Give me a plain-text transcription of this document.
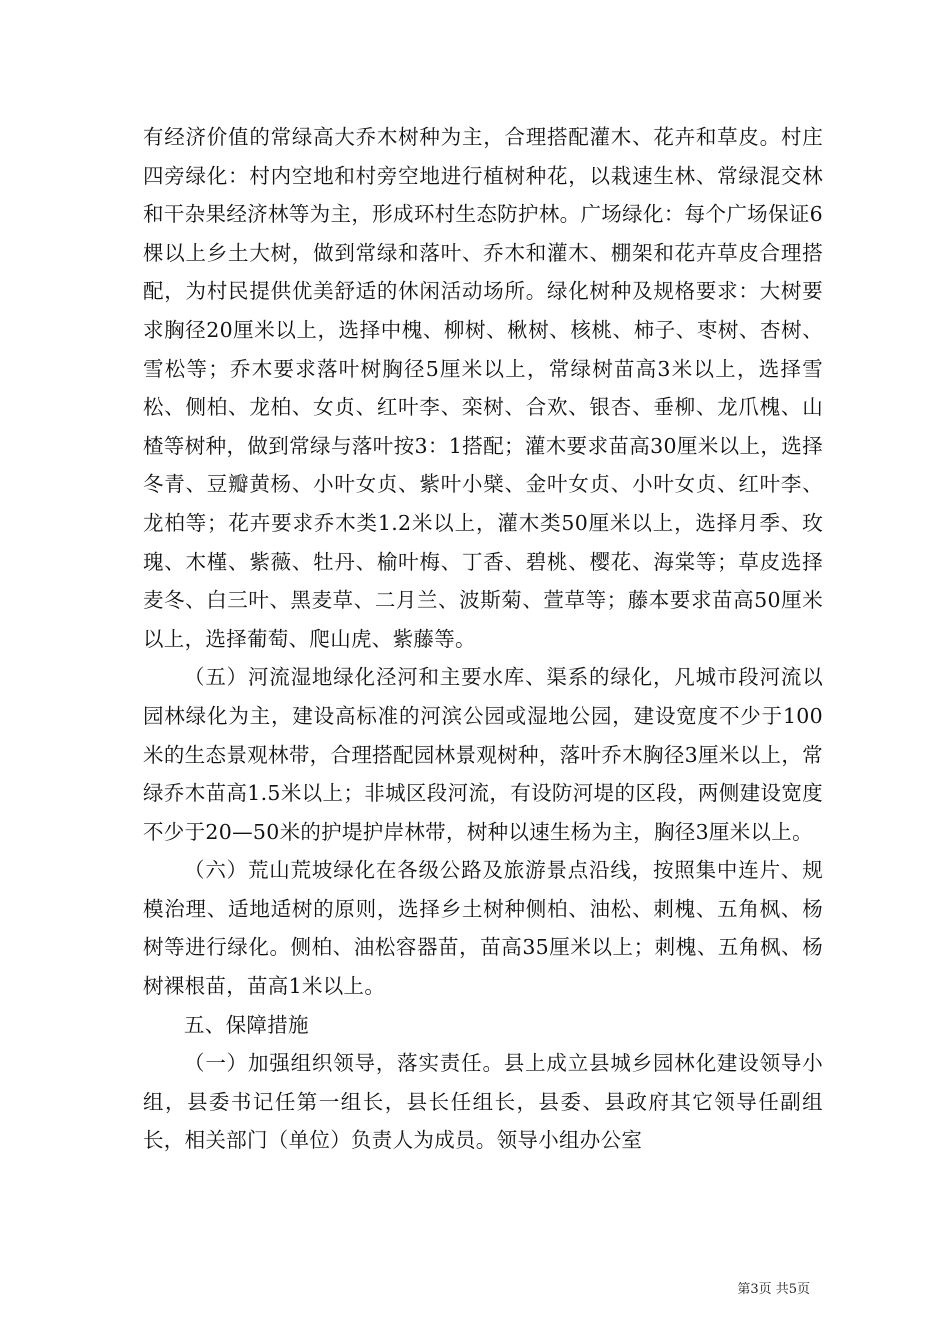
有经济价值的常绿高大乔木树种为主，合理搭配灌木、花卉和草皮。村庄四旁绿化：村内空地和村旁空地进行植树种花，以栽速生林、常绿混交林和干杂果经济林等为主，形成环村生态防护林。广场绿化：每个广场保证6棵以上乡土大树，做到常绿和落叶、乔木和灌木、棚架和花卉草皮合理搭配，为村民提供优美舒适的休闲活动场所。绿化树种及规格要求：大树要求胸径20厘米以上，选择中槐、柳树、楸树、核桃、柿子、枣树、杏树、雪松等；乔木要求落叶树胸径5厘米以上，常绿树苗高3米以上，选择雪松、侧柏、龙柏、女贞、红叶李、栾树、合欢、银杏、垂柳、龙爪槐、山楂等树种，做到常绿与落叶按3：1搭配；灌木要求苗高30厘米以上，选择冬青、豆瓣黄杨、小叶女贞、紫叶小檗、金叶女贞、小叶女贞、红叶李、龙柏等；花卉要求乔木类1.2米以上，灌木类50厘米以上，选择月季、玫瑰、木槿、紫薇、牡丹、榆叶梅、丁香、碧桃、樱花、海棠等；草皮选择麦冬、白三叶、黑麦草、二月兰、波斯菊、萱草等；藤本要求苗高50厘米以上，选择葡萄、爬山虎、紫藤等。

（五）河流湿地绿化泾河和主要水库、渠系的绿化，凡城市段河流以园林绿化为主，建设高标准的河滨公园或湿地公园，建设宽度不少于100米的生态景观林带，合理搭配园林景观树种，落叶乔木胸径3厘米以上，常绿乔木苗高1.5米以上；非城区段河流，有设防河堤的区段，两侧建设宽度不少于20—50米的护堤护岸林带，树种以速生杨为主，胸径3厘米以上。

（六）荒山荒坡绿化在各级公路及旅游景点沿线，按照集中连片、规模治理、适地适树的原则，选择乡土树种侧柏、油松、刺槐、五角枫、杨树等进行绿化。侧柏、油松容器苗，苗高35厘米以上；刺槐、五角枫、杨树裸根苗，苗高1米以上。

五、保障措施

（一）加强组织领导，落实责任。县上成立县城乡园林化建设领导小组，县委书记任第一组长，县长任组长，县委、县政府其它领导任副组长，相关部门（单位）负责人为成员。领导小组办公室

第3页 共5页
